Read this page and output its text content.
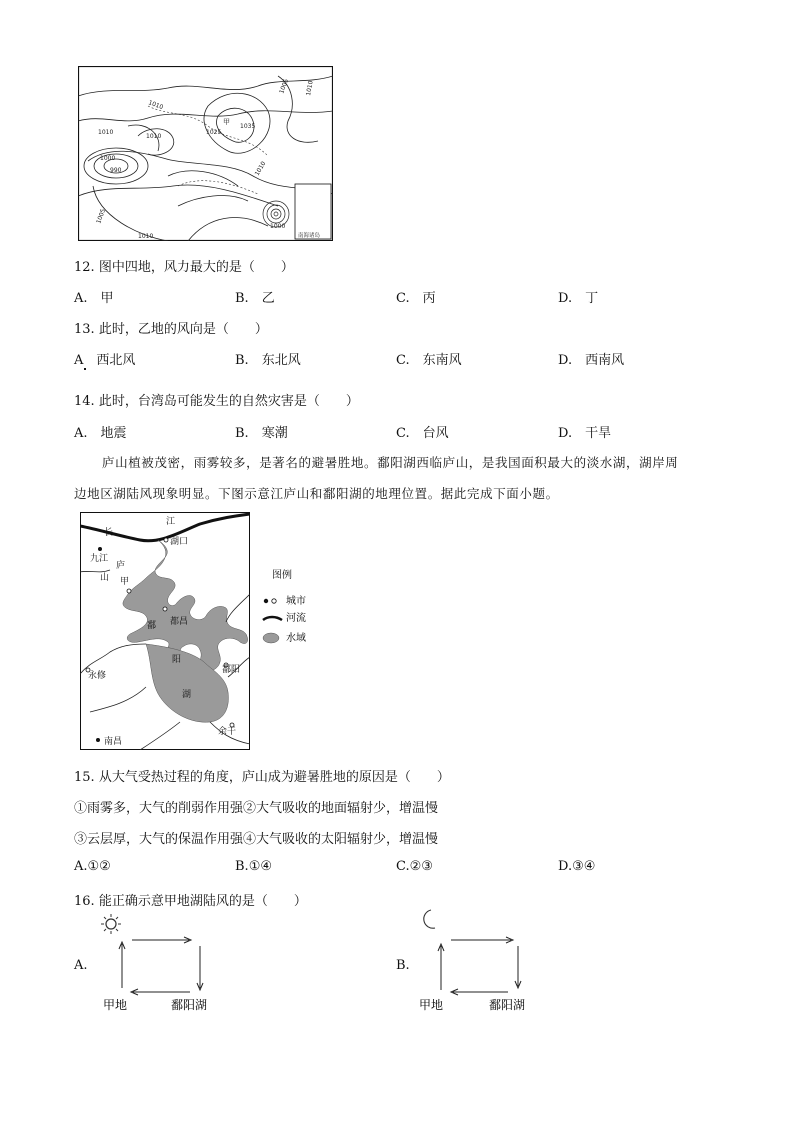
1010
1010
1000
990
1025
1035
1010
1005 1010
1005
1000
1010
1010
甲
南海诸岛
12. 图中四地，风力最大的是（　　）
A.　 甲	B.　 乙	C.　 丙	D.　 丁
13. 此时，乙地的风向是（　　）
A　 西北风	B.　 东北风	C.　 东南风	D.　 西南风
14. 此时，台湾岛可能发生的自然灾害是（　　）
A.　 地震	B.　 寒潮	C.　 台风	D.　 干旱
庐山植被茂密，雨雾较多，是著名的避暑胜地。鄱阳湖西临庐山，是我国面积最大的淡水湖，湖岸周
边地区湖陆风现象明显。下图示意江庐山和鄱阳湖的地理位置。据此完成下面小题。
长
江
湖口
九江
庐
山 甲
都昌
鄱
阳
湖
永修
鄱阳
余干
南昌
图例
城市
河流
水域
15. 从大气受热过程的角度，庐山成为避暑胜地的原因是（　　）
①雨雾多，大气的削弱作用强②大气吸收的地面辐射少，增温慢
③云层厚，大气的保温作用强④大气吸收的太阳辐射少，增温慢
A.①②	B.①④	C.②③	D.③④
16. 能正确示意甲地湖陆风的是（　　）
A.
甲地	鄱阳湖
B.
甲地	鄱阳湖
